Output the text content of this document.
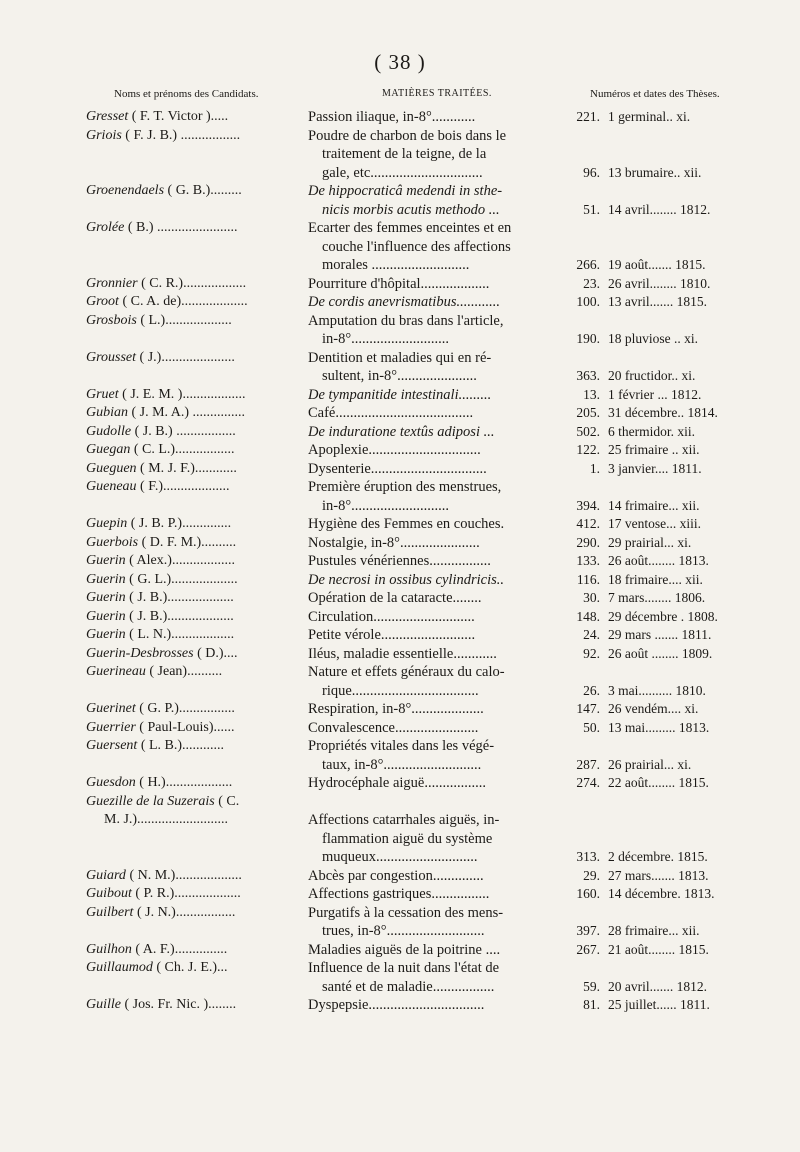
( 38 )
Noms et prénoms des Candidats.	MATIÈRES TRAITÉES.	Numéros et dates des Thèses.
Gresset ( F. T. Victor ).....	Passion iliaque, in-8°............	221. 1 germinal.. xi.
Griois ( F. J. B.) .................	Poudre de charbon de bois dans le
traitement de la teigne, de la
gale, etc...............................	96. 13 brumaire.. xii.
Groenendaels ( G. B.).........	De hippocraticâ medendi in sthe-
nicis morbis acutis methodo ...	51. 14 avril........ 1812.
Grolée ( B.) .......................	Ecarter des femmes enceintes et en
couche l'influence des affections
morales ...........................	266. 19 août....... 1815.
Gronnier ( C. R.)..................	Pourriture d'hôpital...................	23. 26 avril........ 1810.
Groot ( C. A. de)...................	De cordis anevrismatibus............	100. 13 avril....... 1815.
Grosbois ( L.)...................	Amputation du bras dans l'article,
in-8°...........................	190. 18 pluviose .. xi.
Grousset ( J.).....................	Dentition et maladies qui en ré-
sultent, in-8°......................	363. 20 fructidor.. xi.
Gruet ( J. E. M. )..................	De tympanitide intestinali.........	13. 1 février ... 1812.
Gubian ( J. M. A.) ...............	Café......................................	205. 31 décembre.. 1814.
Gudolle ( J. B.) .................	De induratione textûs adiposi ...	502. 6 thermidor. xii.
Guegan ( C. L.).................	Apoplexie...............................	122. 25 frimaire .. xii.
Gueguen ( M. J. F.)............	Dysenterie................................	1. 3 janvier.... 1811.
Gueneau ( F.)...................	Première éruption des menstrues,
in-8°...........................	394. 14 frimaire... xii.
Guepin ( J. B. P.)..............	Hygiène des Femmes en couches.	412. 17 ventose... xiii.
Guerbois ( D. F. M.)..........	Nostalgie, in-8°......................	290. 29 prairial... xi.
Guerin ( Alex.)..................	Pustules vénériennes.................	133. 26 août........ 1813.
Guerin ( G. L.)...................	De necrosi in ossibus cylindricis..	116. 18 frimaire.... xii.
Guerin ( J. B.)...................	Opération de la cataracte........	30. 7 mars........ 1806.
Guerin ( J. B.)...................	Circulation............................	148. 29 décembre . 1808.
Guerin ( L. N.)..................	Petite vérole..........................	24. 29 mars ....... 1811.
Guerin-Desbrosses ( D.)....	Iléus, maladie essentielle............	92. 26 août ........ 1809.
Guerineau ( Jean)..........	Nature et effets généraux du calo-
rique...................................	26. 3 mai.......... 1810.
Guerinet ( G. P.)................	Respiration, in-8°....................	147. 26 vendém.... xi.
Guerrier ( Paul-Louis)......	Convalescence.......................	50. 13 mai......... 1813.
Guersent ( L. B.)............	Propriétés vitales dans les végé-
taux, in-8°...........................	287. 26 prairial... xi.
Guesdon ( H.)...................	Hydrocéphale aiguë.................	274. 22 août........ 1815.
Guezille de la Suzerais ( C.
M. J.)..........................
	Affections catarrhales aiguës, in-
flammation aiguë du système
muqueux............................	313. 2 décembre. 1815.
Guiard ( N. M.)...................	Abcès par congestion..............	29. 27 mars....... 1813.
Guibout ( P. R.)...................	Affections gastriques................	160. 14 décembre. 1813.
Guilbert ( J. N.).................	Purgatifs à la cessation des mens-
trues, in-8°...........................	397. 28 frimaire... xii.
Guilhon ( A. F.)...............	Maladies aiguës de la poitrine ....	267. 21 août........ 1815.
Guillaumod ( Ch. J. E.)...	Influence de la nuit dans l'état de
santé et de maladie.................	59. 20 avril....... 1812.
Guille ( Jos. Fr. Nic. )........	Dyspepsie................................	81. 25 juillet...... 1811.
